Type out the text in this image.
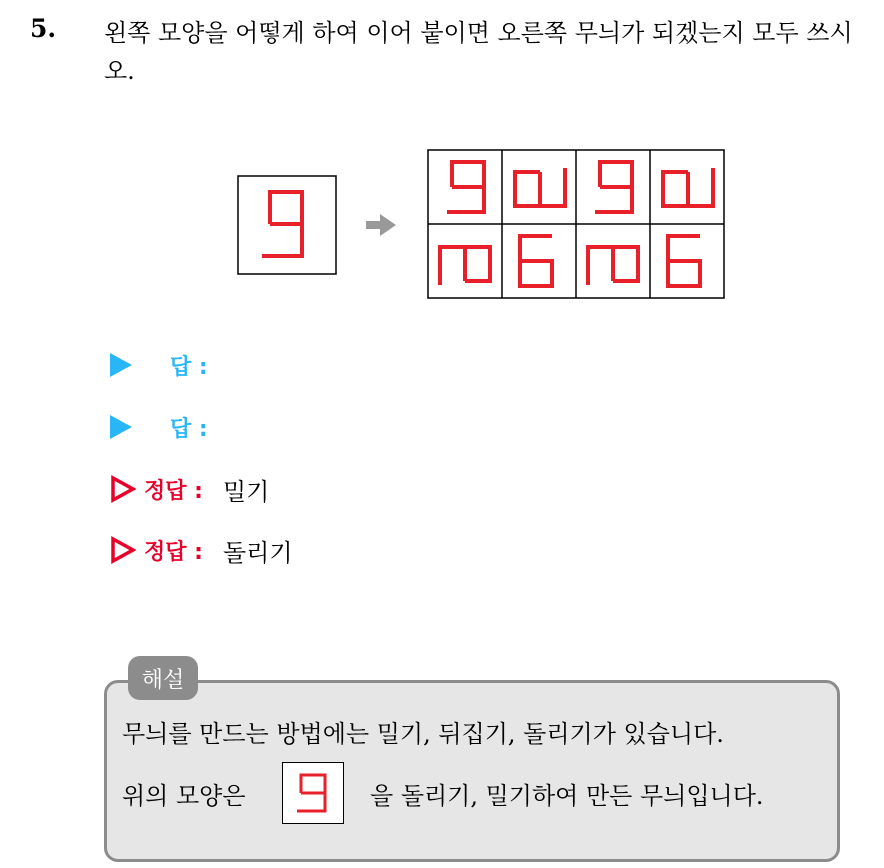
5. 왼쪽 모양을 어떻게 하여 이어 붙이면 오른쪽 무늬가 되겠는지 모두 쓰시오.
답 :
답 :
정답 : 밀기
정답 : 돌리기
해설
무늬를 만드는 방법에는 밀기, 뒤집기, 돌리기가 있습니다.
위의 모양은	을 돌리기, 밀기하여 만든 무늬입니다.
